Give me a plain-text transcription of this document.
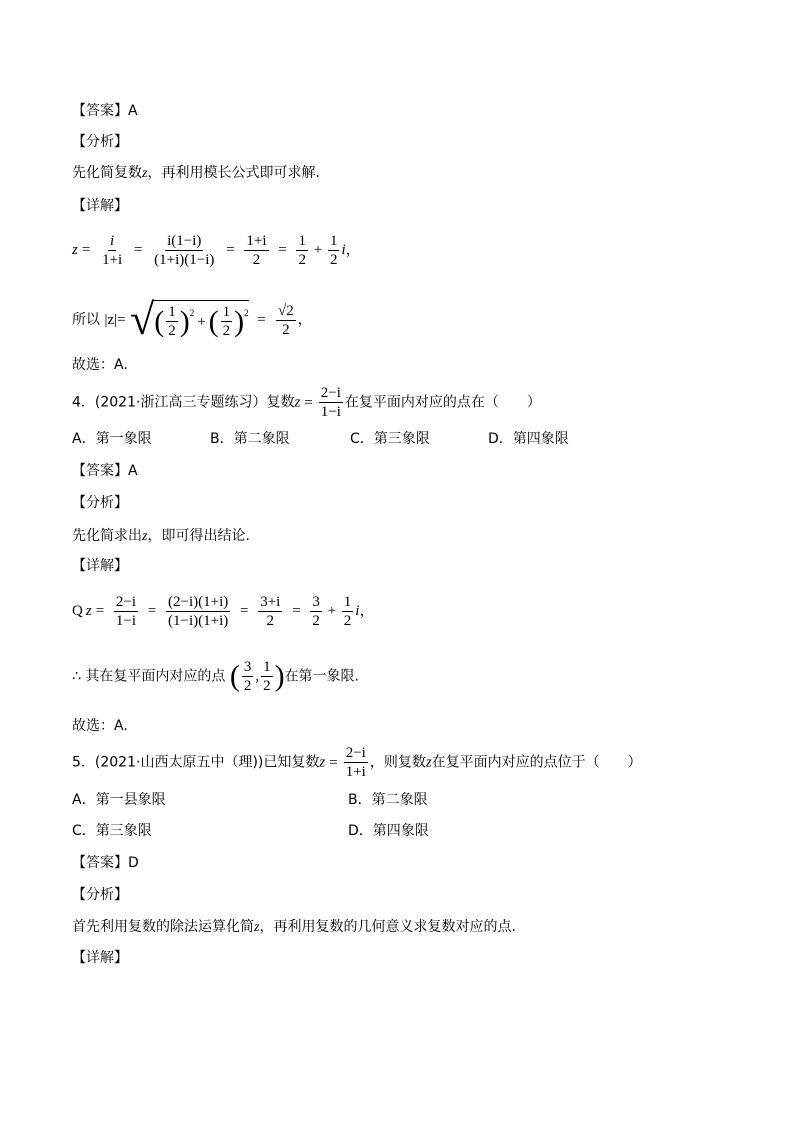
【答案】A
【分析】
先化简复数z，再利用模长公式即可求解.
【详解】
$z = \frac{i}{1+i} = \frac{i(1-i)}{(1+i)(1-i)} = \frac{1+i}{2} = \frac{1}{2} + \frac{1}{2}$ i，
所以 |z|= √ ( $\frac{1}{2} )^2$
+ ( $\frac{1}{2} )^2 = \frac{√2}{2}$ ，
故选：A.
4．(2021·浙江高三专题练习）复数$z = \frac{2-i}{1-i}$ 在复平面内对应的点在（　　）
A．第一象限	B．第二象限	C．第三象限	D．第四象限
【答案】A
【分析】
先化简求出z，即可得出结论.
【详解】
Q $z = \frac{2-i}{1-i} = \frac{(2-i)(1+i)}{(1-i)(1+i)} = \frac{3+i}{2} = \frac{3}{2} + \frac{1}{2}$ i，
∴ 其在复平面内对应的点 ( $\frac{3}{2}$ , $\frac{1}{2}$ )在第一象限.
故选：A.
5．(2021·山西太原五中（理))已知复数$z = \frac{2-i}{1+i}$ ，则复数z在复平面内对应的点位于（　　）
A．第一县象限	B．第二象限
C．第三象限	D．第四象限
【答案】D
【分析】
首先利用复数的除法运算化简z，再利用复数的几何意义求复数对应的点.
【详解】
